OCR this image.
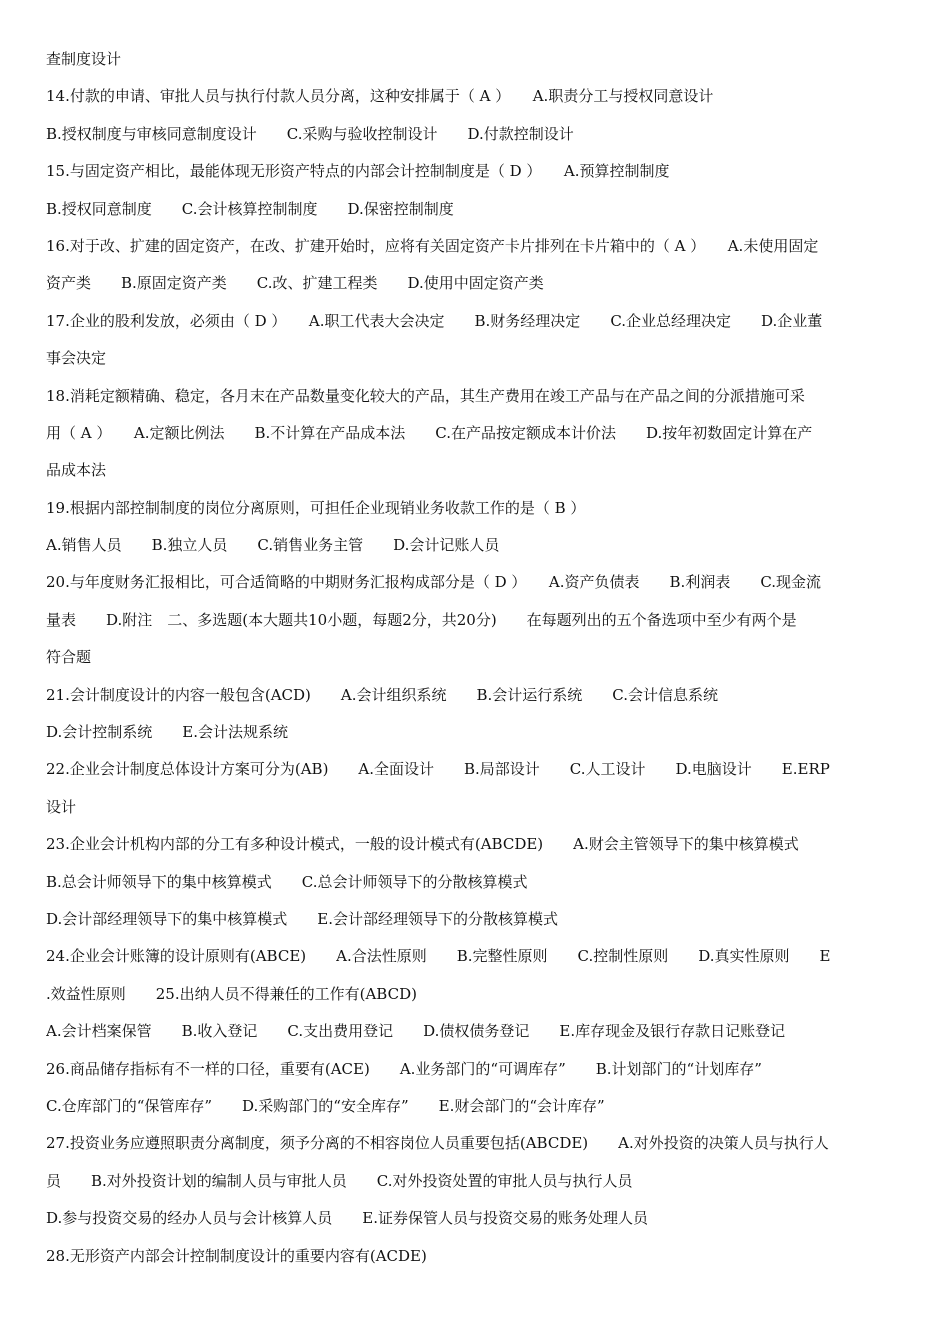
查制度设计
14.付款的申请、审批人员与执行付款人员分离，这种安排属于（ A ）　　A.职责分工与授权同意设计
B.授权制度与审核同意制度设计　　C.采购与验收控制设计　　D.付款控制设计
15.与固定资产相比，最能体现无形资产特点的内部会计控制制度是（ D ）　　A.预算控制制度
B.授权同意制度　　C.会计核算控制制度　　D.保密控制制度
16.对于改、扩建的固定资产，在改、扩建开始时，应将有关固定资产卡片排列在卡片箱中的（ A ）　　A.未使用固定
资产类　　B.原固定资产类　　C.改、扩建工程类　　D.使用中固定资产类
17.企业的股利发放，必须由（ D ）　　A.职工代表大会决定　　B.财务经理决定　　C.企业总经理决定　　D.企业董
事会决定
18.消耗定额精确、稳定，各月末在产品数量变化较大的产品，其生产费用在竣工产品与在产品之间的分派措施可采
用（ A ）　　A.定额比例法　　B.不计算在产品成本法　　C.在产品按定额成本计价法　　D.按年初数固定计算在产
品成本法
19.根据内部控制制度的岗位分离原则，可担任企业现销业务收款工作的是（ B ）
A.销售人员　　B.独立人员　　C.销售业务主管　　D.会计记账人员
20.与年度财务汇报相比，可合适简略的中期财务汇报构成部分是（ D ）　　A.资产负债表　　B.利润表　　C.现金流
量表　　D.附注　二、多选题(本大题共10小题，每题2分，共20分)　　在每题列出的五个备选项中至少有两个是
符合题
21.会计制度设计的内容一般包含(ACD)　　A.会计组织系统　　B.会计运行系统　　C.会计信息系统
D.会计控制系统　　E.会计法规系统
22.企业会计制度总体设计方案可分为(AB)　　A.全面设计　　B.局部设计　　C.人工设计　　D.电脑设计　　E.ERP
设计
23.企业会计机构内部的分工有多种设计模式，一般的设计模式有(ABCDE)　　A.财会主管领导下的集中核算模式
B.总会计师领导下的集中核算模式　　C.总会计师领导下的分散核算模式
D.会计部经理领导下的集中核算模式　　E.会计部经理领导下的分散核算模式
24.企业会计账簿的设计原则有(ABCE)　　A.合法性原则　　B.完整性原则　　C.控制性原则　　D.真实性原则　　E
.效益性原则　　25.出纳人员不得兼任的工作有(ABCD)
A.会计档案保管　　B.收入登记　　C.支出费用登记　　D.债权债务登记　　E.库存现金及银行存款日记账登记
26.商品储存指标有不一样的口径，重要有(ACE)　　A.业务部门的“可调库存”　　B.计划部门的“计划库存”
C.仓库部门的“保管库存”　　D.采购部门的“安全库存”　　E.财会部门的“会计库存”
27.投资业务应遵照职责分离制度，须予分离的不相容岗位人员重要包括(ABCDE)　　A.对外投资的决策人员与执行人
员　　B.对外投资计划的编制人员与审批人员　　C.对外投资处置的审批人员与执行人员
D.参与投资交易的经办人员与会计核算人员　　E.证券保管人员与投资交易的账务处理人员
28.无形资产内部会计控制制度设计的重要内容有(ACDE)
